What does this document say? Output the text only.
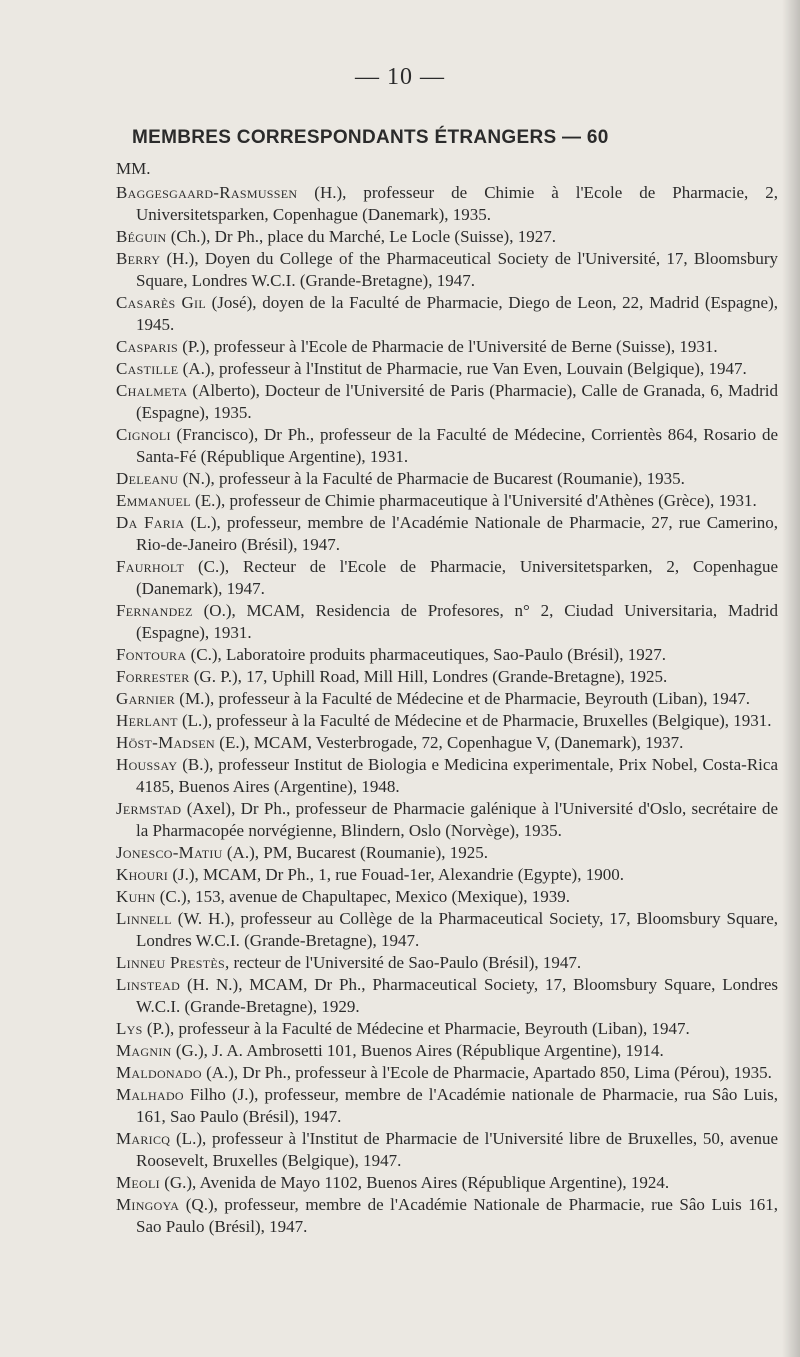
— 10 —
MEMBRES CORRESPONDANTS ÉTRANGERS — 60
MM.
Baggesgaard-Rasmussen (H.), professeur de Chimie à l'Ecole de Pharmacie, 2, Universitetsparken, Copenhague (Danemark), 1935.
Béguin (Ch.), Dr Ph., place du Marché, Le Locle (Suisse), 1927.
Berry (H.), Doyen du College of the Pharmaceutical Society de l'Université, 17, Bloomsbury Square, Londres W.C.I. (Grande-Bretagne), 1947.
Casarès Gil (José), doyen de la Faculté de Pharmacie, Diego de Leon, 22, Madrid (Espagne), 1945.
Casparis (P.), professeur à l'Ecole de Pharmacie de l'Université de Berne (Suisse), 1931.
Castille (A.), professeur à l'Institut de Pharmacie, rue Van Even, Louvain (Belgique), 1947.
Chalmeta (Alberto), Docteur de l'Université de Paris (Pharmacie), Calle de Granada, 6, Madrid (Espagne), 1935.
Cignoli (Francisco), Dr Ph., professeur de la Faculté de Médecine, Corrientès 864, Rosario de Santa-Fé (République Argentine), 1931.
Deleanu (N.), professeur à la Faculté de Pharmacie de Bucarest (Roumanie), 1935.
Emmanuel (E.), professeur de Chimie pharmaceutique à l'Université d'Athènes (Grèce), 1931.
Da Faria (L.), professeur, membre de l'Académie Nationale de Pharmacie, 27, rue Camerino, Rio-de-Janeiro (Brésil), 1947.
Faurholt (C.), Recteur de l'Ecole de Pharmacie, Universitetsparken, 2, Copenhague (Danemark), 1947.
Fernandez (O.), MCAM, Residencia de Profesores, n° 2, Ciudad Universitaria, Madrid (Espagne), 1931.
Fontoura (C.), Laboratoire produits pharmaceutiques, Sao-Paulo (Brésil), 1927.
Forrester (G. P.), 17, Uphill Road, Mill Hill, Londres (Grande-Bretagne), 1925.
Garnier (M.), professeur à la Faculté de Médecine et de Pharmacie, Beyrouth (Liban), 1947.
Herlant (L.), professeur à la Faculté de Médecine et de Pharmacie, Bruxelles (Belgique), 1931.
Höst-Madsen (E.), MCAM, Vesterbrogade, 72, Copenhague V, (Danemark), 1937.
Houssay (B.), professeur Institut de Biologia e Medicina experimentale, Prix Nobel, Costa-Rica 4185, Buenos Aires (Argentine), 1948.
Jermstad (Axel), Dr Ph., professeur de Pharmacie galénique à l'Université d'Oslo, secrétaire de la Pharmacopée norvégienne, Blindern, Oslo (Norvège), 1935.
Jonesco-Matiu (A.), PM, Bucarest (Roumanie), 1925.
Khouri (J.), MCAM, Dr Ph., 1, rue Fouad-1er, Alexandrie (Egypte), 1900.
Kuhn (C.), 153, avenue de Chapultapec, Mexico (Mexique), 1939.
Linnell (W. H.), professeur au Collège de la Pharmaceutical Society, 17, Bloomsbury Square, Londres W.C.I. (Grande-Bretagne), 1947.
Linneu Prestès, recteur de l'Université de Sao-Paulo (Brésil), 1947.
Linstead (H. N.), MCAM, Dr Ph., Pharmaceutical Society, 17, Bloomsbury Square, Londres W.C.I. (Grande-Bretagne), 1929.
Lys (P.), professeur à la Faculté de Médecine et Pharmacie, Beyrouth (Liban), 1947.
Magnin (G.), J. A. Ambrosetti 101, Buenos Aires (République Argentine), 1914.
Maldonado (A.), Dr Ph., professeur à l'Ecole de Pharmacie, Apartado 850, Lima (Pérou), 1935.
Malhado Filho (J.), professeur, membre de l'Académie nationale de Pharmacie, rua Sâo Luis, 161, Sao Paulo (Brésil), 1947.
Maricq (L.), professeur à l'Institut de Pharmacie de l'Université libre de Bruxelles, 50, avenue Roosevelt, Bruxelles (Belgique), 1947.
Meoli (G.), Avenida de Mayo 1102, Buenos Aires (République Argentine), 1924.
Mingoya (Q.), professeur, membre de l'Académie Nationale de Pharmacie, rue Sâo Luis 161, Sao Paulo (Brésil), 1947.
